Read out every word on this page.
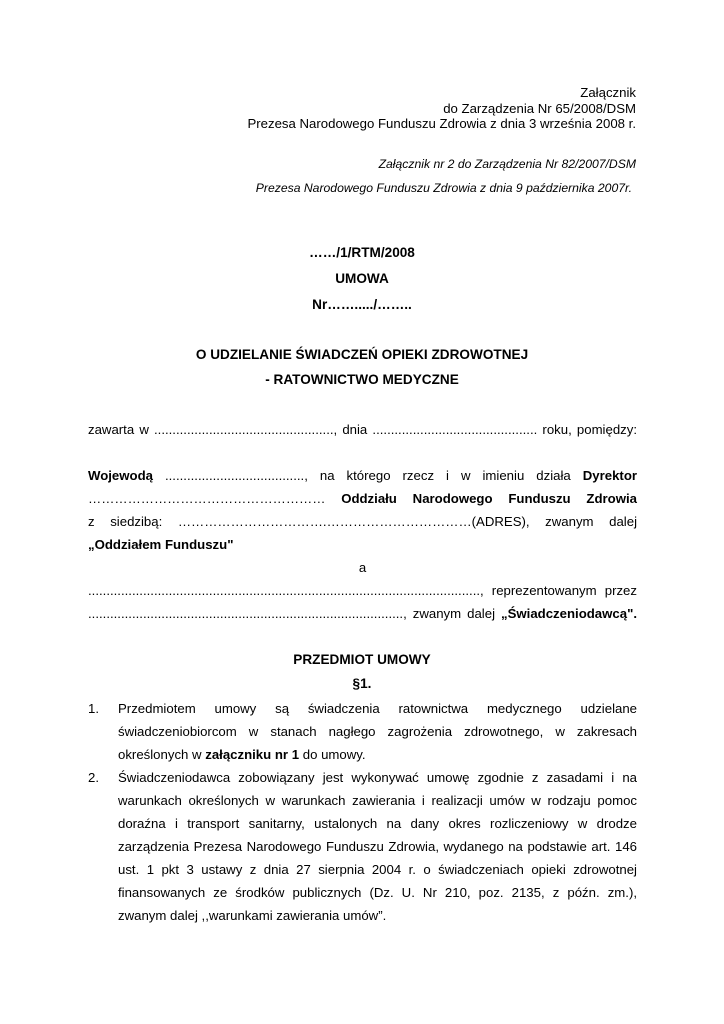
Załącznik
do Zarządzenia Nr 65/2008/DSM
Prezesa Narodowego Funduszu Zdrowia z dnia 3 września 2008 r.
Załącznik nr 2 do Zarządzenia Nr 82/2007/DSM
Prezesa Narodowego Funduszu Zdrowia z dnia 9 października 2007r.
……/1/RTM/2008
UMOWA
Nr……...../……..
O UDZIELANIE ŚWIADCZEŃ OPIEKI ZDROWOTNEJ
- RATOWNICTWO MEDYCZNE
zawarta w ................................................., dnia ............................................. roku, pomiędzy:
Wojewodą ......................................, na którego rzecz i w imieniu działa Dyrektor
……………………………………………… Oddziału Narodowego Funduszu Zdrowia
z siedzibą: …………………………….……………………………(ADRES), zwanym dalej
„Oddziałem Funduszu"
a
..........................................................................................................., reprezentowanym przez
......................................................................................, zwanym dalej „Świadczeniodawcą".
PRZEDMIOT UMOWY
§1.
1. Przedmiotem umowy są świadczenia ratownictwa medycznego udzielane
świadczeniobiorcom w stanach nagłego zagrożenia zdrowotnego, w zakresach
określonych w załączniku nr 1 do umowy.
2. Świadczeniodawca zobowiązany jest wykonywać umowę zgodnie z zasadami i na warunkach określonych w warunkach zawierania i realizacji umów w rodzaju pomoc doraźna i transport sanitarny, ustalonych na dany okres rozliczeniowy w drodze zarządzenia Prezesa Narodowego Funduszu Zdrowia, wydanego na podstawie art. 146 ust. 1 pkt 3 ustawy z dnia 27 sierpnia 2004 r. o świadczeniach opieki zdrowotnej finansowanych ze środków publicznych (Dz. U. Nr 210, poz. 2135, z późn. zm.),
zwanym dalej ,,warunkami zawierania umów”.
